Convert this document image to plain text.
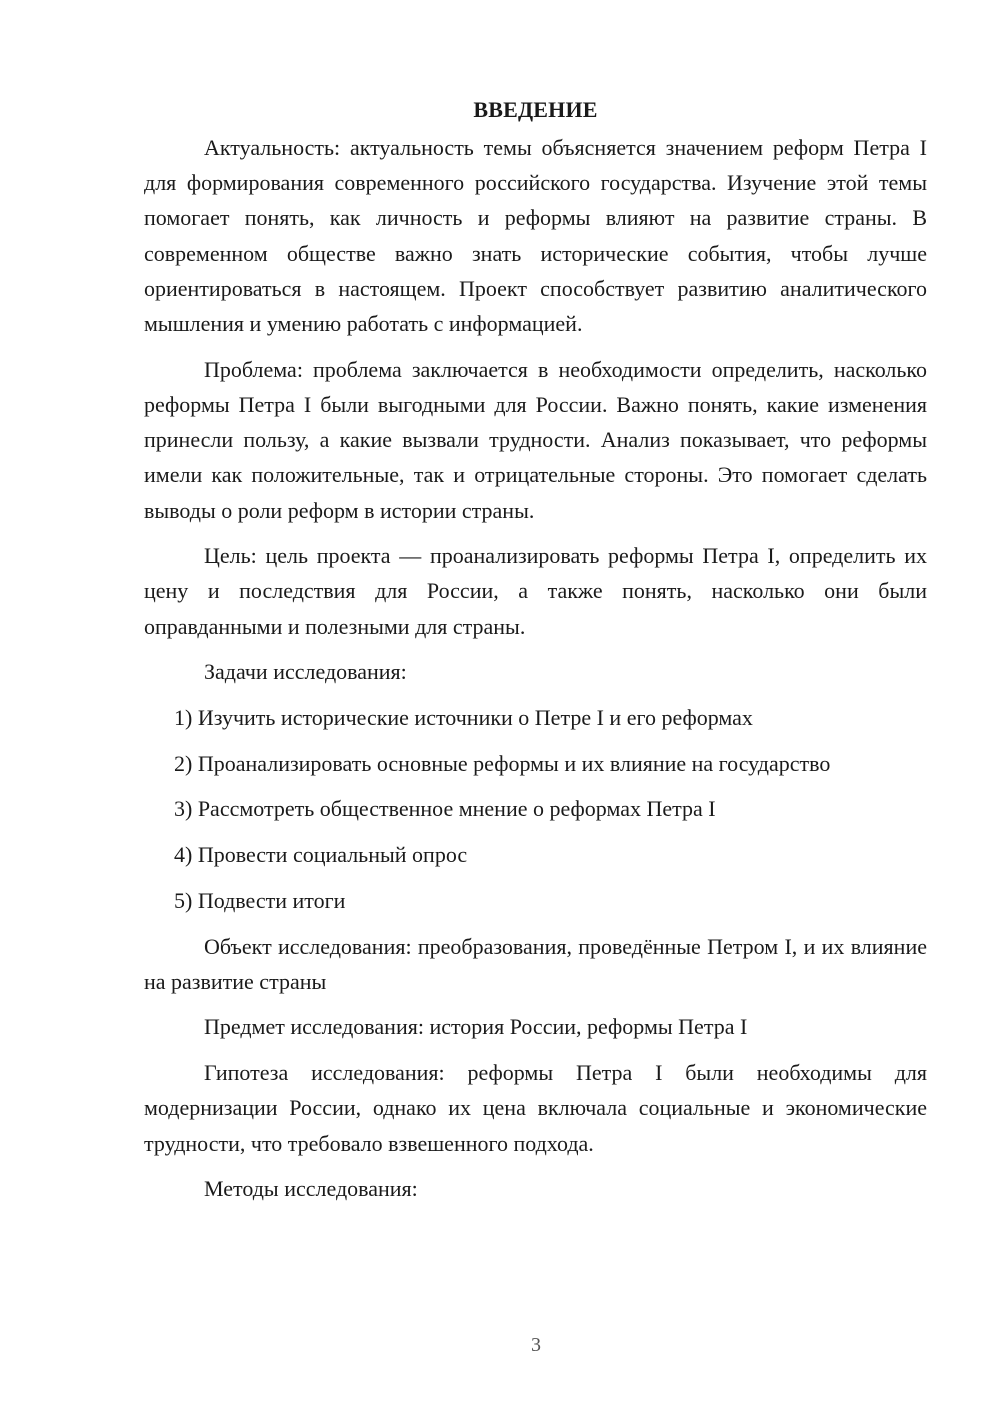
ВВЕДЕНИЕ

Актуальность: актуальность темы объясняется значением реформ Петра I для формирования современного российского государства. Изучение этой темы помогает понять, как личность и реформы влияют на развитие страны. В современном обществе важно знать исторические события, чтобы лучше ориентироваться в настоящем. Проект способствует развитию аналитического мышления и умению работать с информацией.

Проблема: проблема заключается в необходимости определить, насколько реформы Петра I были выгодными для России. Важно понять, какие изменения принесли пользу, а какие вызвали трудности. Анализ показывает, что реформы имели как положительные, так и отрицательные стороны. Это помогает сделать выводы о роли реформ в истории страны.

Цель: цель проекта — проанализировать реформы Петра I, определить их цену и последствия для России, а также понять, насколько они были оправданными и полезными для страны.

Задачи исследования:

1) Изучить исторические источники о Петре I и его реформах

2) Проанализировать основные реформы и их влияние на государство

3) Рассмотреть общественное мнение о реформах Петра I

4) Провести социальный опрос

5) Подвести итоги

Объект исследования: преобразования, проведённые Петром I, и их влияние на развитие страны

Предмет исследования: история России, реформы Петра I

Гипотеза исследования: реформы Петра I были необходимы для модернизации России, однако их цена включала социальные и экономические трудности, что требовало взвешенного подхода.

Методы исследования:

3
